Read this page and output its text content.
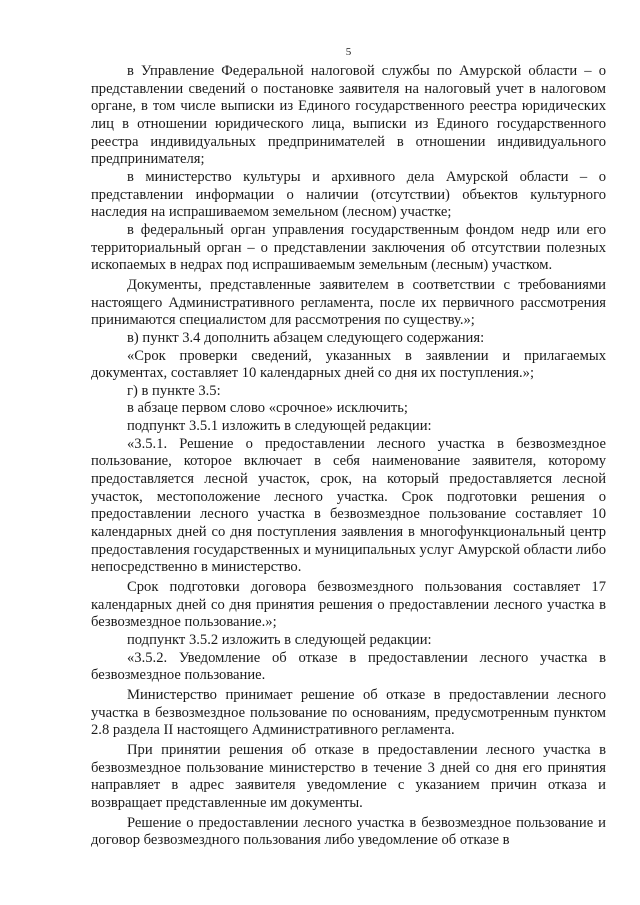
5

в Управление Федеральной налоговой службы по Амурской области – о представлении сведений о постановке заявителя на налоговый учет в налоговом органе, в том числе выписки из Единого государственного реестра юридических лиц в отношении юридического лица, выписки из Единого государственного реестра индивидуальных предпринимателей в отношении индивидуального предпринимателя;

в министерство культуры и архивного дела Амурской области – о представлении информации о наличии (отсутствии) объектов культурного наследия на испрашиваемом земельном (лесном) участке;

в федеральный орган управления государственным фондом недр или его территориальный орган – о представлении заключения об отсутствии полезных ископаемых в недрах под испрашиваемым земельным (лесным) участком.

Документы, представленные заявителем в соответствии с требованиями настоящего Административного регламента, после их первичного рассмотрения принимаются специалистом для рассмотрения по существу.»;

в) пункт 3.4 дополнить абзацем следующего содержания:

«Срок проверки сведений, указанных в заявлении и прилагаемых документах, составляет 10 календарных дней со дня их поступления.»;

г) в пункте 3.5:

в абзаце первом слово «срочное» исключить;

подпункт 3.5.1 изложить в следующей редакции:

«3.5.1. Решение о предоставлении лесного участка в безвозмездное пользование, которое включает в себя наименование заявителя, которому предоставляется лесной участок, срок, на который предоставляется лесной участок, местоположение лесного участка. Срок подготовки решения о предоставлении лесного участка в безвозмездное пользование составляет 10 календарных дней со дня поступления заявления в многофункциональный центр предоставления государственных и муниципальных услуг Амурской области либо непосредственно в министерство.

Срок подготовки договора безвозмездного пользования составляет 17 календарных дней со дня принятия решения о предоставлении лесного участка в безвозмездное пользование.»;

подпункт 3.5.2 изложить в следующей редакции:

«3.5.2. Уведомление об отказе в предоставлении лесного участка в безвозмездное пользование.

Министерство принимает решение об отказе в предоставлении лесного участка в безвозмездное пользование по основаниям, предусмотренным пунктом 2.8 раздела II настоящего Административного регламента.

При принятии решения об отказе в предоставлении лесного участка в безвозмездное пользование министерство в течение 3 дней со дня его принятия направляет в адрес заявителя уведомление с указанием причин отказа и возвращает представленные им документы.

Решение о предоставлении лесного участка в безвозмездное пользование и договор безвозмездного пользования либо уведомление об отказе в
